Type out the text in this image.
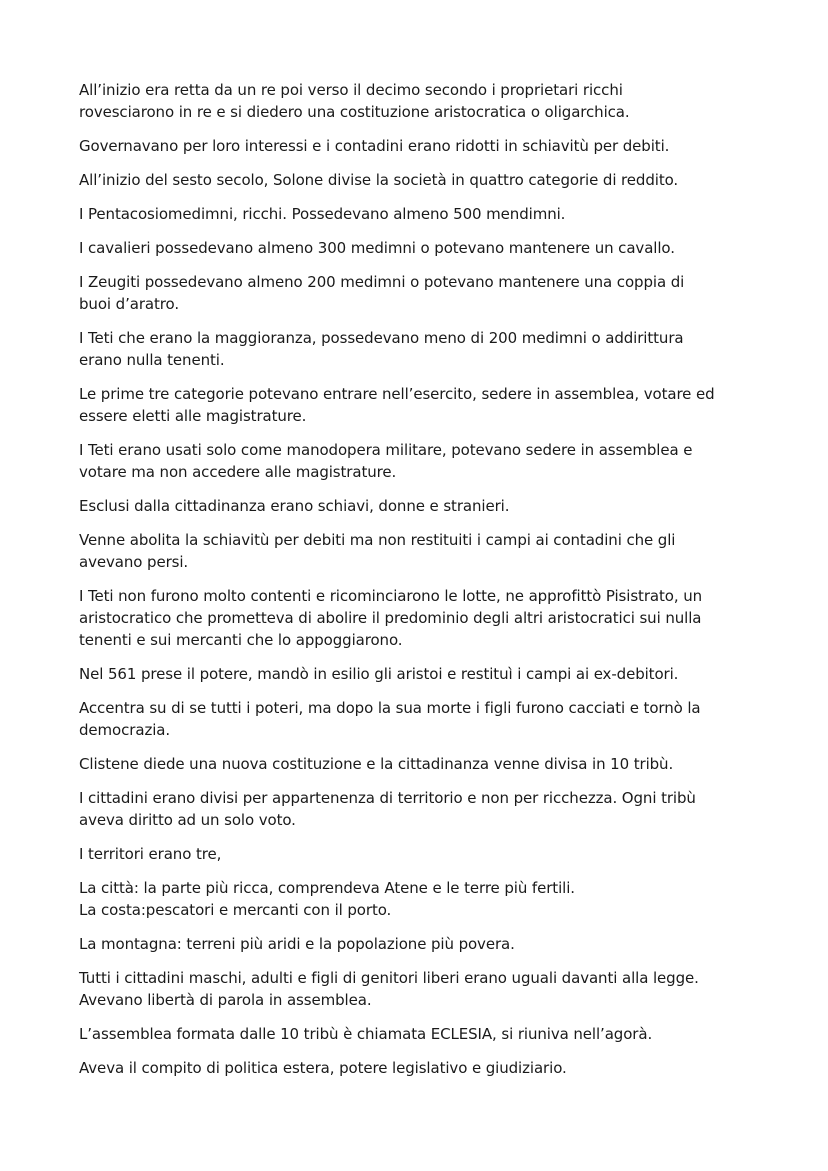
All’inizio era retta da un re poi verso il decimo secondo i proprietari ricchi
rovesciarono in re e si diedero una costituzione aristocratica o oligarchica.

Governavano per loro interessi e i contadini erano ridotti in schiavitù per debiti.

All’inizio del sesto secolo, Solone divise la società in quattro categorie di reddito.

I Pentacosiomedimni, ricchi. Possedevano almeno 500 mendimni.

I cavalieri possedevano almeno 300 medimni o potevano mantenere un cavallo.

I Zeugiti possedevano almeno 200 medimni o potevano mantenere una coppia di
buoi d’aratro.

I Teti che erano la maggioranza, possedevano meno di 200 medimni o addirittura
erano nulla tenenti.

Le prime tre categorie potevano entrare nell’esercito, sedere in assemblea, votare ed
essere eletti alle magistrature.

I Teti erano usati solo come manodopera militare, potevano sedere in assemblea e
votare ma non accedere alle magistrature.

Esclusi dalla cittadinanza erano schiavi, donne e stranieri.

Venne abolita la schiavitù per debiti ma non restituiti i campi ai contadini che gli
avevano persi.

I Teti non furono molto contenti e ricominciarono le lotte, ne approfittò Pisistrato, un
aristocratico che prometteva di abolire il predominio degli altri aristocratici sui nulla
tenenti e sui mercanti che lo appoggiarono.

Nel 561 prese il potere, mandò in esilio gli aristoi e restituì i campi ai ex-debitori.

Accentra su di se tutti i poteri, ma dopo la sua morte i figli furono cacciati e tornò la
democrazia.

Clistene diede una nuova costituzione e la cittadinanza venne divisa in 10 tribù.

I cittadini erano divisi per appartenenza di territorio e non per ricchezza. Ogni tribù
aveva diritto ad un solo voto.

I territori erano tre,

La città: la parte più ricca, comprendeva Atene e le terre più fertili.
La costa:pescatori e mercanti con il porto.

La montagna: terreni più aridi e la popolazione più povera.

Tutti i cittadini maschi, adulti e figli di genitori liberi erano uguali davanti alla legge.
Avevano libertà di parola in assemblea.

L’assemblea formata dalle 10 tribù è chiamata ECLESIA, si riuniva nell’agorà.

Aveva il compito di politica estera, potere legislativo e giudiziario.
